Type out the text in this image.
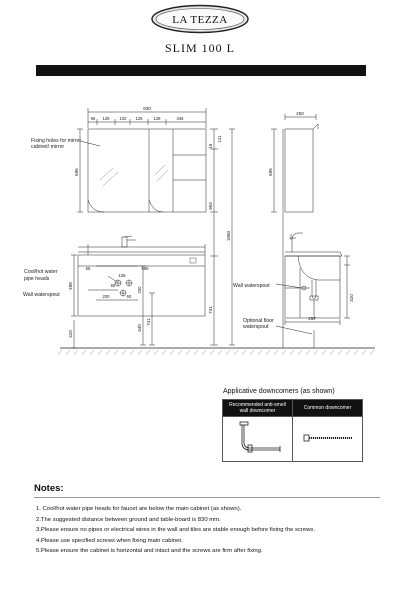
LA TEZZA
SLIM 100 L
930
66 128 102 126	128	346
695
141
18
904
1860
65
128
989
498	55
200	60
200
741
340
741
320
Fixing holes for mirror
cabinet/ mirror
Cool/hot water
pipe heads
Wall waterspout
250
695
320
457
Wall waterspout
Optional floor
waterspout
Applicative downcomers (as shown)
Recommended anti-smell
wall downcomer	Common downcomer

Notes:
1. Cool/hot water pipe heads for faucet are below the main cabinet (as shown).
2.The suggested distance between ground and table-board is 830 mm.
3.Please ensure no pipes or electrical wires in the wall and tiles are stable enough before fixing the screws.
4.Please use specified screws when fixing main cabinet.
5.Please ensure the cabinet is horizontal and intact and the screws are firm after fixing.
